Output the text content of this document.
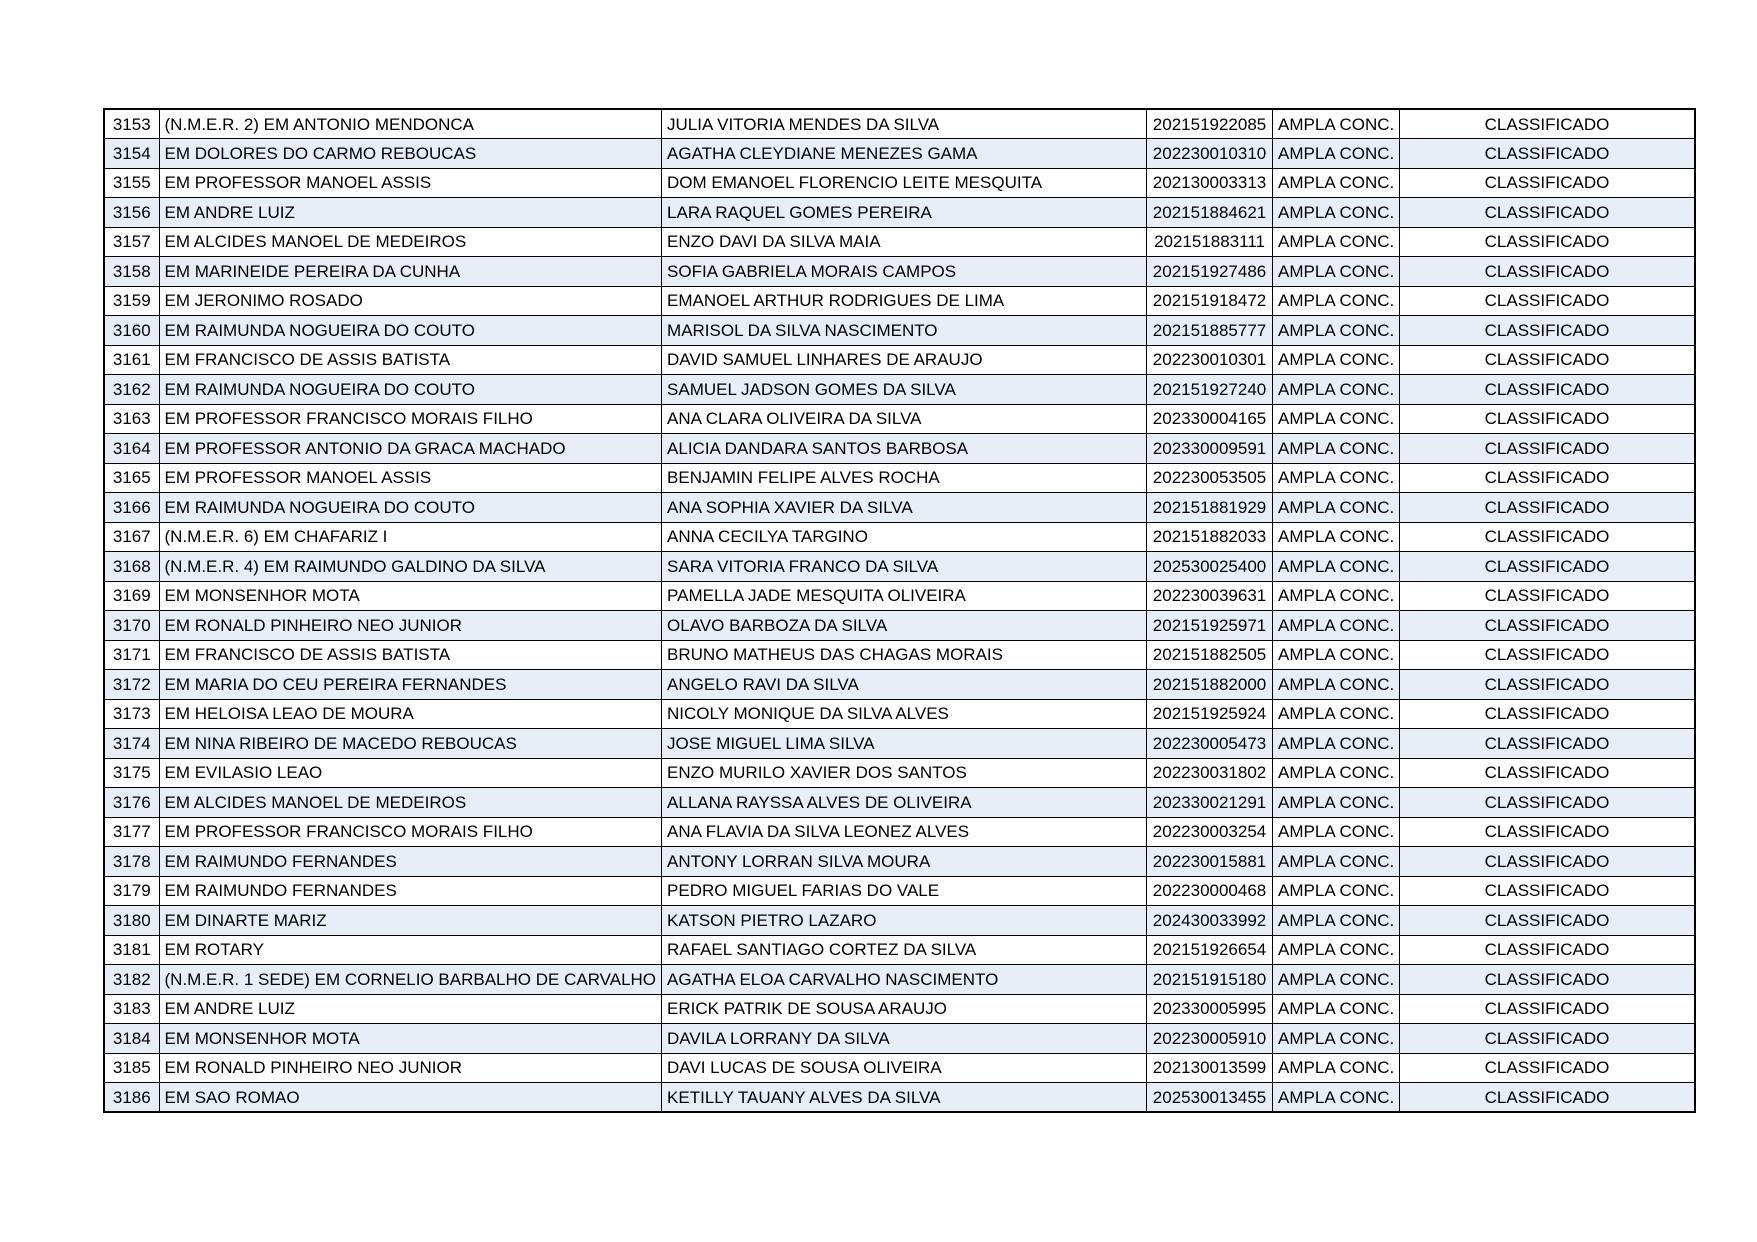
3153	(N.M.E.R. 2) EM ANTONIO MENDONCA	JULIA VITORIA MENDES DA SILVA	202151922085	AMPLA CONC.	CLASSIFICADO
3154	EM DOLORES DO CARMO REBOUCAS	AGATHA CLEYDIANE MENEZES GAMA	202230010310	AMPLA CONC.	CLASSIFICADO
3155	EM PROFESSOR MANOEL ASSIS	DOM EMANOEL FLORENCIO LEITE MESQUITA	202130003313	AMPLA CONC.	CLASSIFICADO
3156	EM ANDRE LUIZ	LARA RAQUEL GOMES PEREIRA	202151884621	AMPLA CONC.	CLASSIFICADO
3157	EM ALCIDES MANOEL DE MEDEIROS	ENZO DAVI DA SILVA MAIA	202151883111	AMPLA CONC.	CLASSIFICADO
3158	EM MARINEIDE PEREIRA DA CUNHA	SOFIA GABRIELA MORAIS CAMPOS	202151927486	AMPLA CONC.	CLASSIFICADO
3159	EM JERONIMO ROSADO	EMANOEL ARTHUR RODRIGUES DE LIMA	202151918472	AMPLA CONC.	CLASSIFICADO
3160	EM RAIMUNDA NOGUEIRA DO COUTO	MARISOL DA SILVA NASCIMENTO	202151885777	AMPLA CONC.	CLASSIFICADO
3161	EM FRANCISCO DE ASSIS BATISTA	DAVID SAMUEL LINHARES DE ARAUJO	202230010301	AMPLA CONC.	CLASSIFICADO
3162	EM RAIMUNDA NOGUEIRA DO COUTO	SAMUEL JADSON GOMES DA SILVA	202151927240	AMPLA CONC.	CLASSIFICADO
3163	EM PROFESSOR FRANCISCO MORAIS FILHO	ANA CLARA OLIVEIRA DA SILVA	202330004165	AMPLA CONC.	CLASSIFICADO
3164	EM PROFESSOR ANTONIO DA GRACA MACHADO	ALICIA DANDARA SANTOS BARBOSA	202330009591	AMPLA CONC.	CLASSIFICADO
3165	EM PROFESSOR MANOEL ASSIS	BENJAMIN FELIPE ALVES ROCHA	202230053505	AMPLA CONC.	CLASSIFICADO
3166	EM RAIMUNDA NOGUEIRA DO COUTO	ANA SOPHIA XAVIER DA SILVA	202151881929	AMPLA CONC.	CLASSIFICADO
3167	(N.M.E.R. 6) EM CHAFARIZ I	ANNA CECILYA TARGINO	202151882033	AMPLA CONC.	CLASSIFICADO
3168	(N.M.E.R. 4) EM RAIMUNDO GALDINO DA SILVA	SARA VITORIA FRANCO DA SILVA	202530025400	AMPLA CONC.	CLASSIFICADO
3169	EM MONSENHOR MOTA	PAMELLA JADE MESQUITA OLIVEIRA	202230039631	AMPLA CONC.	CLASSIFICADO
3170	EM RONALD PINHEIRO NEO JUNIOR	OLAVO BARBOZA DA SILVA	202151925971	AMPLA CONC.	CLASSIFICADO
3171	EM FRANCISCO DE ASSIS BATISTA	BRUNO MATHEUS DAS CHAGAS MORAIS	202151882505	AMPLA CONC.	CLASSIFICADO
3172	EM MARIA DO CEU PEREIRA FERNANDES	ANGELO RAVI DA SILVA	202151882000	AMPLA CONC.	CLASSIFICADO
3173	EM HELOISA LEAO DE MOURA	NICOLY MONIQUE DA SILVA ALVES	202151925924	AMPLA CONC.	CLASSIFICADO
3174	EM NINA RIBEIRO DE MACEDO REBOUCAS	JOSE MIGUEL LIMA SILVA	202230005473	AMPLA CONC.	CLASSIFICADO
3175	EM EVILASIO LEAO	ENZO MURILO XAVIER DOS SANTOS	202230031802	AMPLA CONC.	CLASSIFICADO
3176	EM ALCIDES MANOEL DE MEDEIROS	ALLANA RAYSSA ALVES DE OLIVEIRA	202330021291	AMPLA CONC.	CLASSIFICADO
3177	EM PROFESSOR FRANCISCO MORAIS FILHO	ANA FLAVIA DA SILVA LEONEZ ALVES	202230003254	AMPLA CONC.	CLASSIFICADO
3178	EM RAIMUNDO FERNANDES	ANTONY LORRAN SILVA MOURA	202230015881	AMPLA CONC.	CLASSIFICADO
3179	EM RAIMUNDO FERNANDES	PEDRO MIGUEL FARIAS DO VALE	202230000468	AMPLA CONC.	CLASSIFICADO
3180	EM DINARTE MARIZ	KATSON PIETRO LAZARO	202430033992	AMPLA CONC.	CLASSIFICADO
3181	EM ROTARY	RAFAEL SANTIAGO CORTEZ DA SILVA	202151926654	AMPLA CONC.	CLASSIFICADO
3182	(N.M.E.R. 1 SEDE) EM CORNELIO BARBALHO DE CARVALHO	AGATHA ELOA CARVALHO NASCIMENTO	202151915180	AMPLA CONC.	CLASSIFICADO
3183	EM ANDRE LUIZ	ERICK PATRIK DE SOUSA ARAUJO	202330005995	AMPLA CONC.	CLASSIFICADO
3184	EM MONSENHOR MOTA	DAVILA LORRANY DA SILVA	202230005910	AMPLA CONC.	CLASSIFICADO
3185	EM RONALD PINHEIRO NEO JUNIOR	DAVI LUCAS DE SOUSA OLIVEIRA	202130013599	AMPLA CONC.	CLASSIFICADO
3186	EM SAO ROMAO	KETILLY TAUANY ALVES DA SILVA	202530013455	AMPLA CONC.	CLASSIFICADO
